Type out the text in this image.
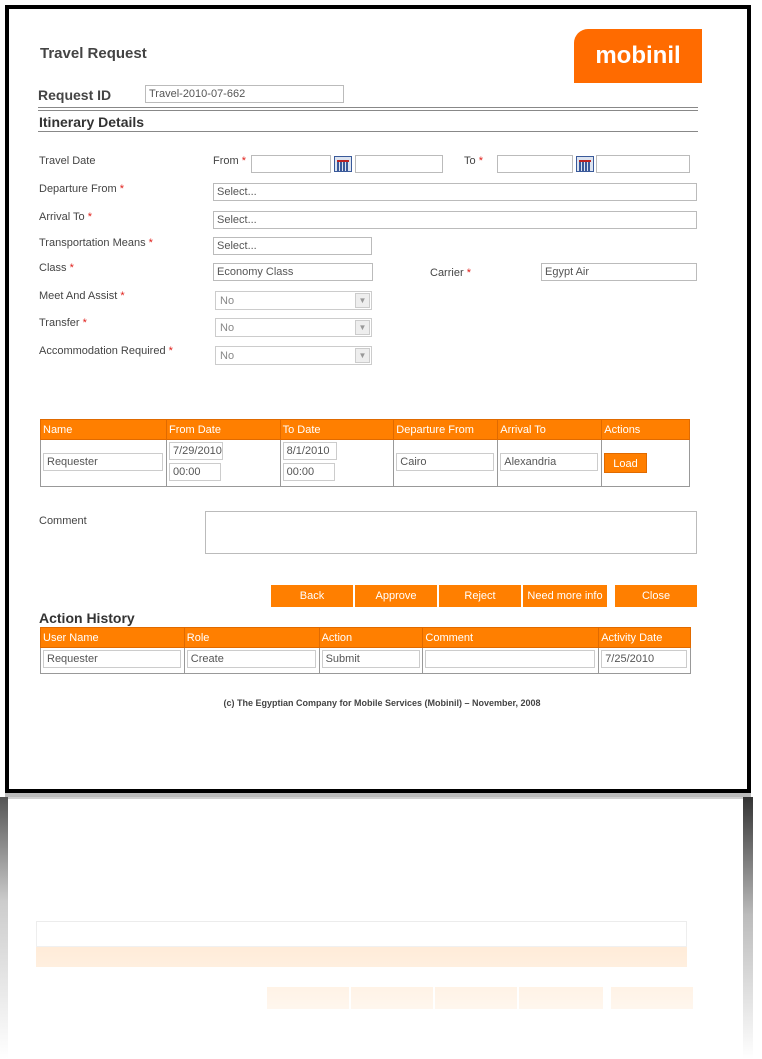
Travel Request	mobinil
Request ID	Travel-2010-07-662
Itinerary Details
Travel Date	From *	To *
Departure From *	Select...
Arrival To *	Select...
Transportation Means *	Select...
Class *	Economy Class	Carrier *	Egypt Air
Meet And Assist *	No	▼
Transfer *	No	▼
Accommodation Required *	No	▼
Name	From Date	To Date	Departure From	Arrival To	Actions
Requester	7/29/2010 00:00	8/1/2010 00:00	Cairo	Alexandria	Load
Comment
Back	Approve	Reject	Need more info	Close
Action History
User Name	Role	Action	Comment	Activity Date
Requester	Create	Submit		7/25/2010
(c) The Egyptian Company for Mobile Services (Mobinil) – November, 2008
